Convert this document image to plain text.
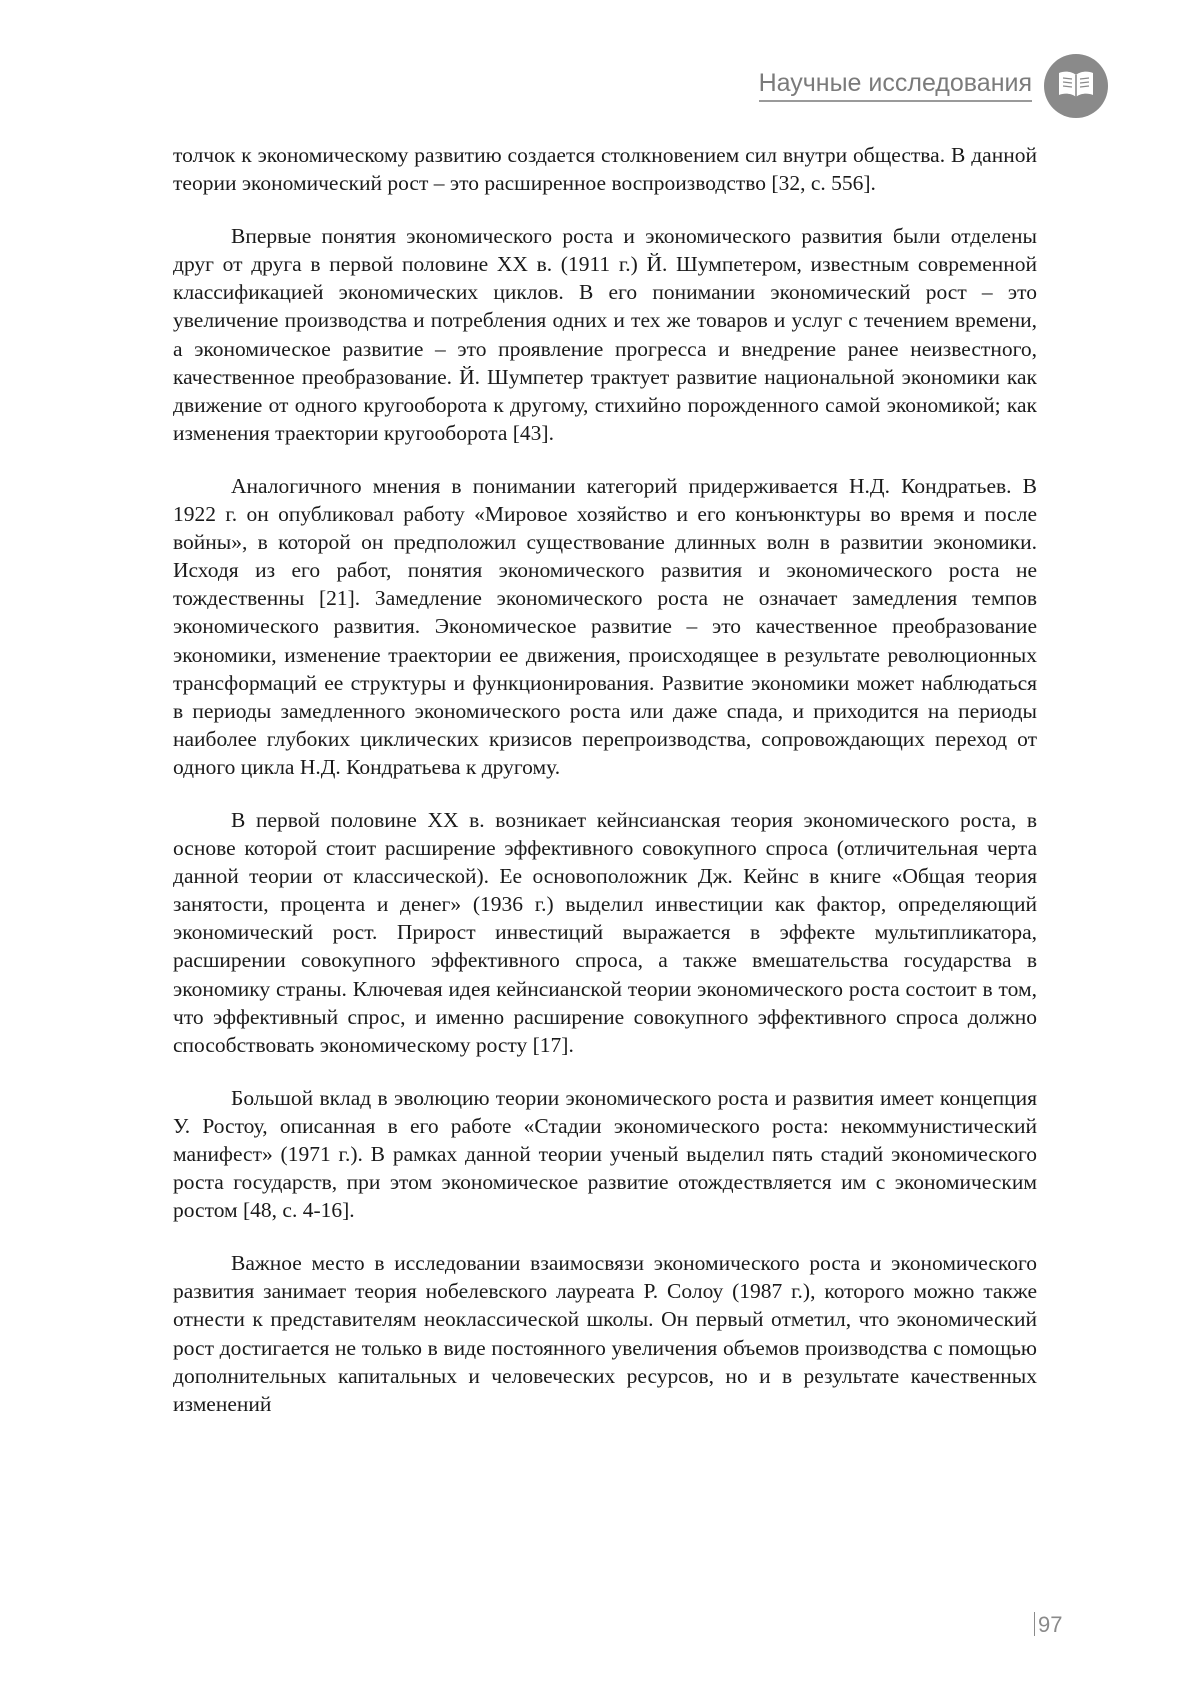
Научные исследования

толчок к экономическому развитию создается столкновением сил внутри общества. В данной теории экономический рост – это расширенное воспроизводство [32, с. 556].

Впервые понятия экономического роста и экономического развития были отделены друг от друга в первой половине XX в. (1911 г.) Й. Шумпетером, известным современной классификацией экономических циклов. В его понимании экономический рост – это увеличение производства и потребления одних и тех же товаров и услуг с течением времени, а экономическое развитие – это проявление прогресса и внедрение ранее неизвестного, качественное преобразование. Й. Шумпетер трактует развитие национальной экономики как движение от одного кругооборота к другому, стихийно порожденного самой экономикой; как изменения траектории кругооборота [43].

Аналогичного мнения в понимании категорий придерживается Н.Д. Кондратьев. В 1922 г. он опубликовал работу «Мировое хозяйство и его конъюнктуры во время и после войны», в которой он предположил существование длинных волн в развитии экономики. Исходя из его работ, понятия экономического развития и экономического роста не тождественны [21]. Замедление экономического роста не означает замедления темпов экономического развития. Экономическое развитие – это качественное преобразование экономики, изменение траектории ее движения, происходящее в результате революционных трансформаций ее структуры и функционирования. Развитие экономики может наблюдаться в периоды замедленного экономического роста или даже спада, и приходится на периоды наиболее глубоких циклических кризисов перепроизводства, сопровождающих переход от одного цикла Н.Д. Кондратьева к другому.

В первой половине XX в. возникает кейнсианская теория экономического роста, в основе которой стоит расширение эффективного совокупного спроса (отличительная черта данной теории от классической). Ее основоположник Дж. Кейнс в книге «Общая теория занятости, процента и денег» (1936 г.) выделил инвестиции как фактор, определяющий экономический рост. Прирост инвестиций выражается в эффекте мультипликатора, расширении совокупного эффективного спроса, а также вмешательства государства в экономику страны. Ключевая идея кейнсианской теории экономического роста состоит в том, что эффективный спрос, и именно расширение совокупного эффективного спроса должно способствовать экономическому росту [17].

Большой вклад в эволюцию теории экономического роста и развития имеет концепция У. Ростоу, описанная в его работе «Стадии экономического роста: некоммунистический манифест» (1971 г.). В рамках данной теории ученый выделил пять стадий экономического роста государств, при этом экономическое развитие отождествляется им с экономическим ростом [48, с. 4-16].

Важное место в исследовании взаимосвязи экономического роста и экономического развития занимает теория нобелевского лауреата Р. Солоу (1987 г.), которого можно также отнести к представителям неоклассической школы. Он первый отметил, что экономический рост достигается не только в виде постоянного увеличения объемов производства с помощью дополнительных капитальных и человеческих ресурсов, но и в результате качественных изменений

97
